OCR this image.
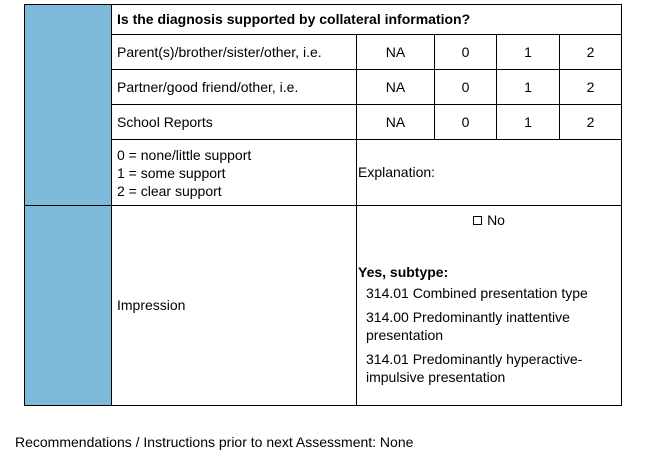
	Is the diagnosis supported by collateral information?				
	Parent(s)/brother/sister/other, i.e.	NA	0	1	2
	Partner/good friend/other, i.e.	NA	0	1	2
	School Reports	NA	0	1	2

	0 = none/little support
1 = some support
2 = clear support	Explanation:			
	Impression	No
Yes, subtype:
314.01 Combined presentation type
314.00 Predominantly inattentive presentation
314.01 Predominantly hyperactive-impulsive presentation			
Recommendations / Instructions prior to next Assessment: None
